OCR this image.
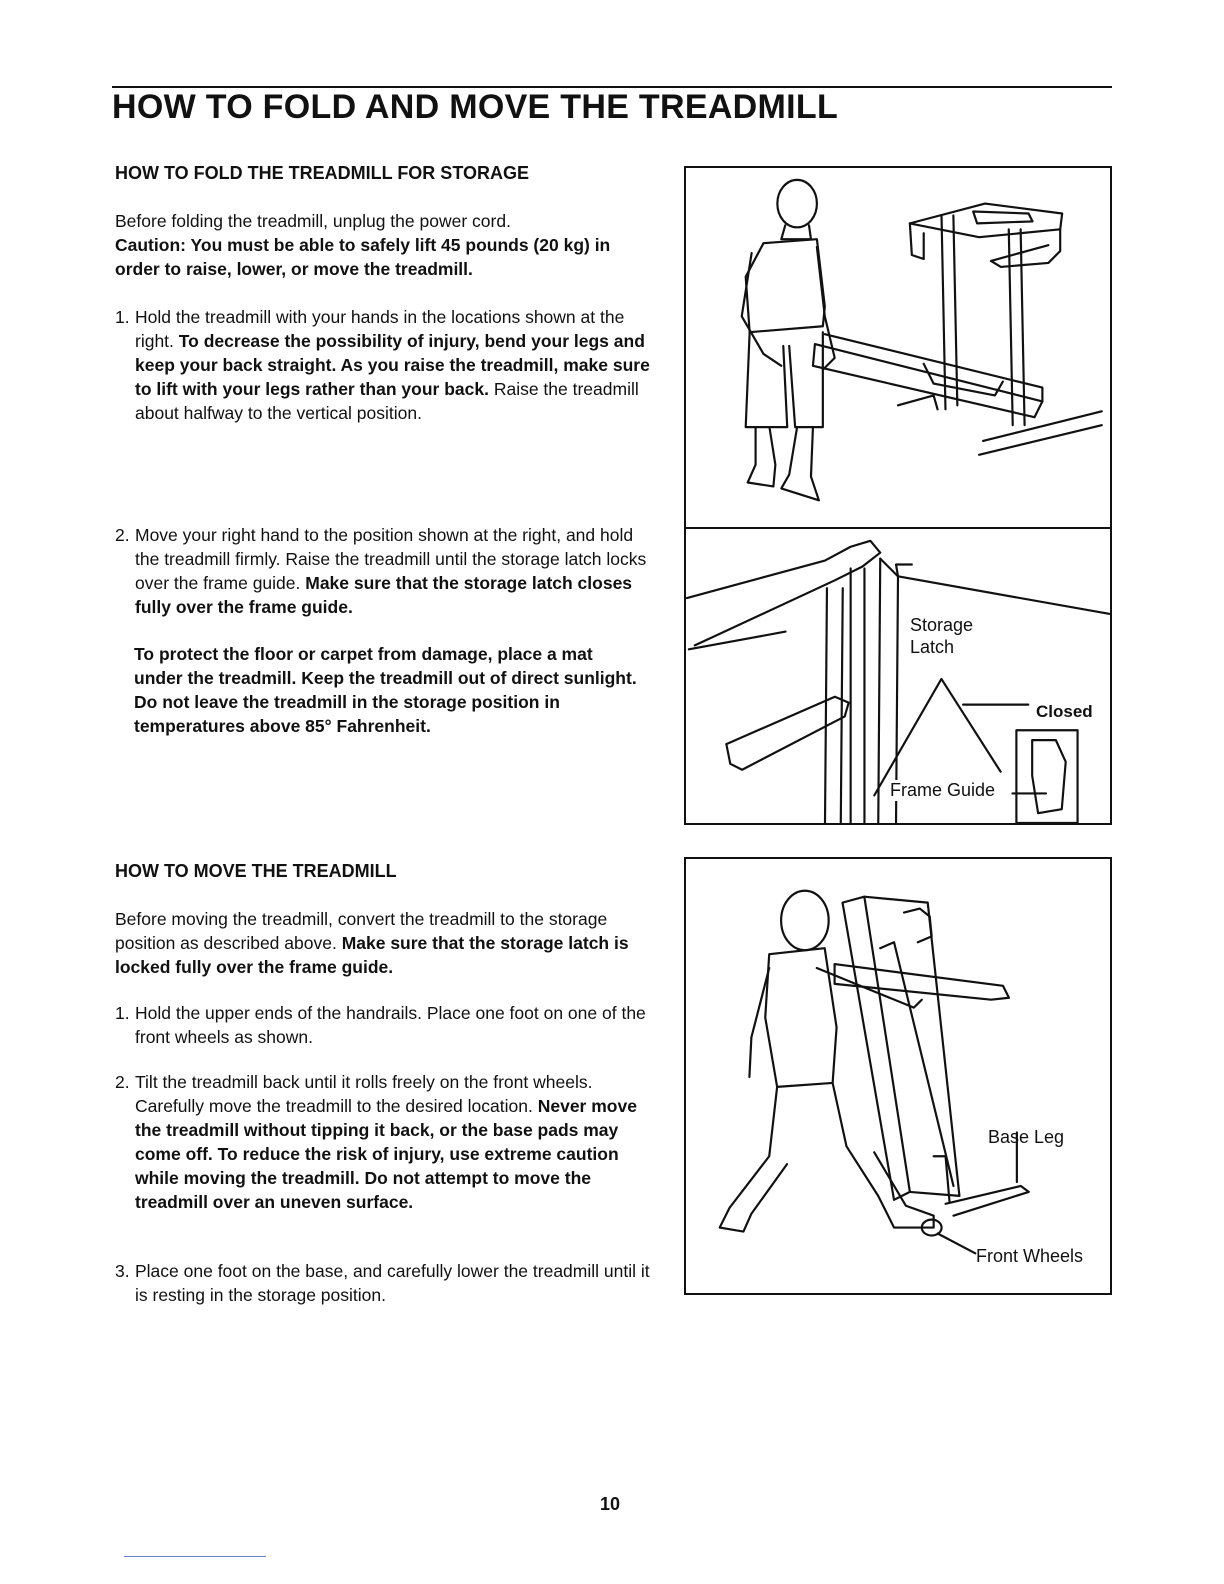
HOW TO FOLD AND MOVE THE TREADMILL
HOW TO FOLD THE TREADMILL FOR STORAGE

Before folding the treadmill, unplug the power cord.
Caution: You must be able to safely lift 45 pounds (20 kg) in order to raise, lower, or move the treadmill.

1. Hold the treadmill with your hands in the locations shown at the right. To decrease the possibility of injury, bend your legs and keep your back straight. As you raise the treadmill, make sure to lift with your legs rather than your back. Raise the treadmill about halfway to the vertical position.

2. Move your right hand to the position shown at the right, and hold the treadmill firmly. Raise the treadmill until the storage latch locks over the frame guide. Make sure that the storage latch closes fully over the frame guide.

To protect the floor or carpet from damage, place a mat under the treadmill. Keep the treadmill out of direct sunlight. Do not leave the treadmill in the storage position in temperatures above 85° Fahrenheit.

HOW TO MOVE THE TREADMILL

Before moving the treadmill, convert the treadmill to the storage position as described above. Make sure that the storage latch is locked fully over the frame guide.

1. Hold the upper ends of the handrails. Place one foot on one of the front wheels as shown.

2. Tilt the treadmill back until it rolls freely on the front wheels. Carefully move the treadmill to the desired location. Never move the treadmill without tipping it back, or the base pads may come off. To reduce the risk of injury, use extreme caution while moving the treadmill. Do not attempt to move the treadmill over an uneven surface.

3. Place one foot on the base, and carefully lower the treadmill until it is resting in the storage position.

Storage Latch
Closed
Frame Guide
Base Leg
Front Wheels
10
